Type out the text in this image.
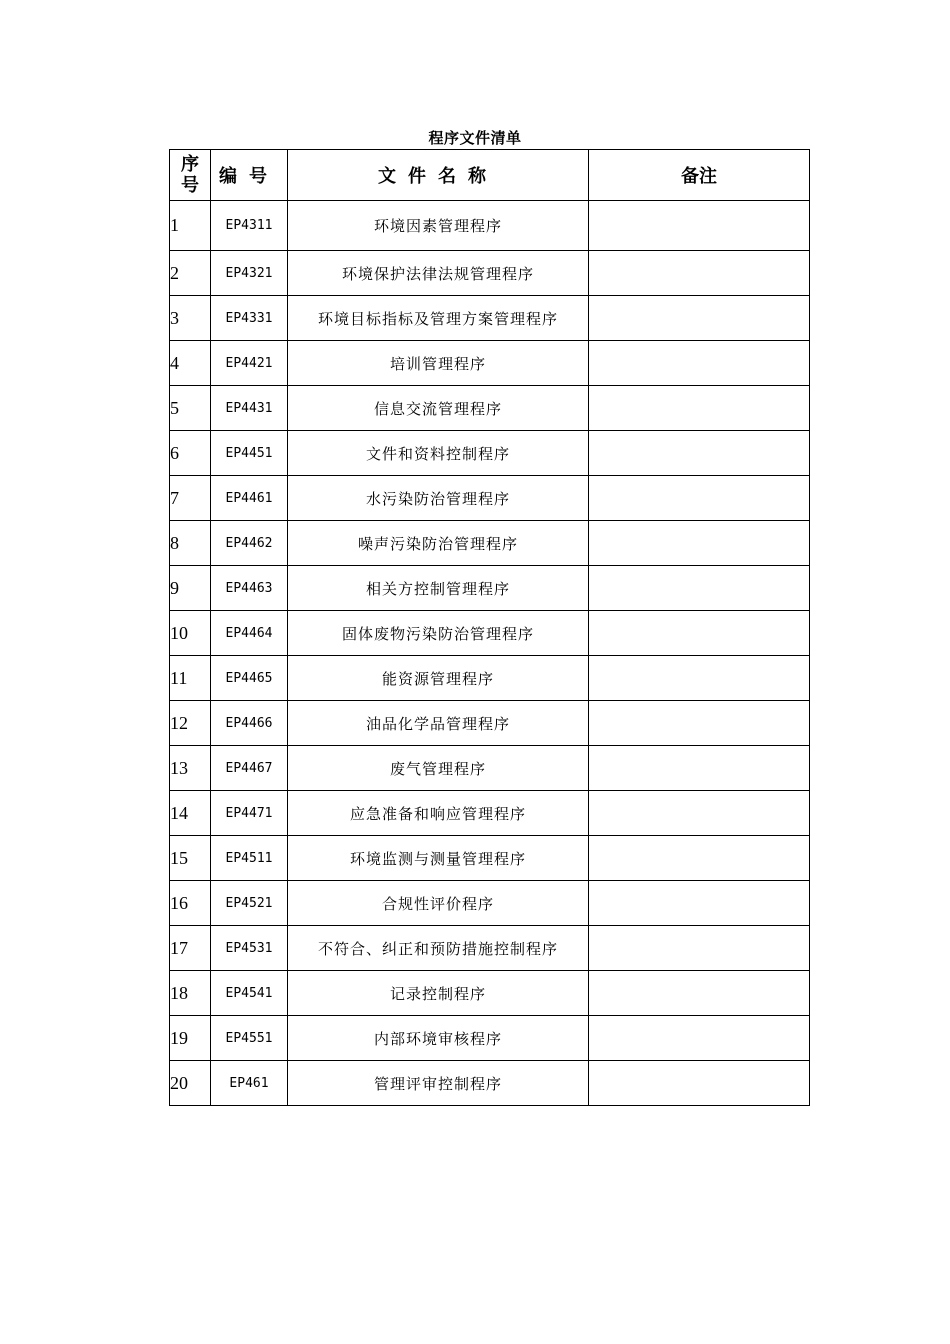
程序文件清单
序
号	编号	文件名称	备注
1	EP4311	环境因素管理程序	
2	EP4321	环境保护法律法规管理程序	
3	EP4331	环境目标指标及管理方案管理程序	
4	EP4421	培训管理程序	
5	EP4431	信息交流管理程序	
6	EP4451	文件和资料控制程序	
7	EP4461	水污染防治管理程序	
8	EP4462	噪声污染防治管理程序	
9	EP4463	相关方控制管理程序	
10	EP4464	固体废物污染防治管理程序	
11	EP4465	能资源管理程序	
12	EP4466	油品化学品管理程序	
13	EP4467	废气管理程序	
14	EP4471	应急准备和响应管理程序	
15	EP4511	环境监测与测量管理程序	
16	EP4521	合规性评价程序	
17	EP4531	不符合、纠正和预防措施控制程序	
18	EP4541	记录控制程序	
19	EP4551	内部环境审核程序	
20	EP461	管理评审控制程序	
